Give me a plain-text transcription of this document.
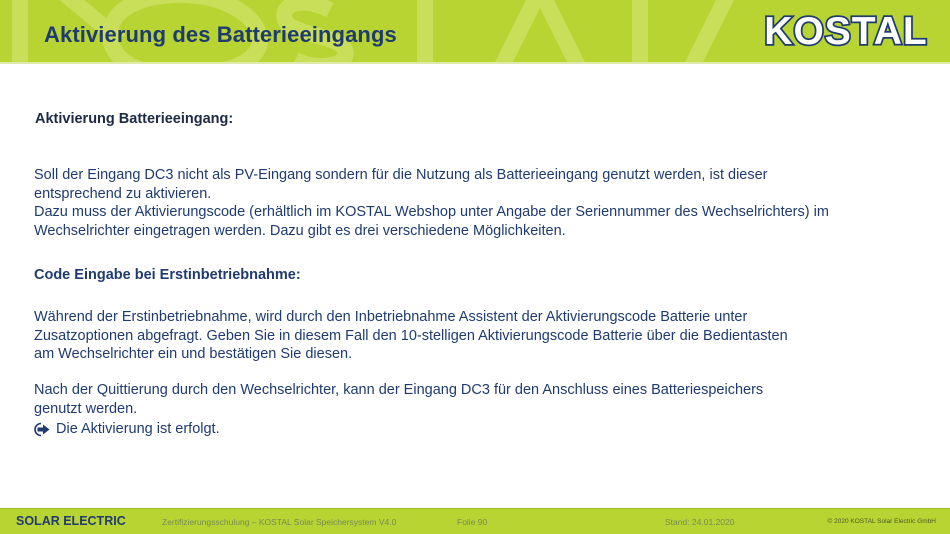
Aktivierung des Batterieeingangs	KOSTAL
Aktivierung Batterieeingang:
Soll der Eingang DC3 nicht als PV-Eingang sondern für die Nutzung als Batterieeingang genutzt werden, ist dieser
entsprechend zu aktivieren.
Dazu muss der Aktivierungscode (erhältlich im KOSTAL Webshop unter Angabe der Seriennummer des Wechselrichters) im
Wechselrichter eingetragen werden. Dazu gibt es drei verschiedene Möglichkeiten.
Code Eingabe bei Erstinbetriebnahme:
Während der Erstinbetriebnahme, wird durch den Inbetriebnahme Assistent der Aktivierungscode Batterie unter
Zusatzoptionen abgefragt. Geben Sie in diesem Fall den 10-stelligen Aktivierungscode Batterie über die Bedientasten
am Wechselrichter ein und bestätigen Sie diesen.
Nach der Quittierung durch den Wechselrichter, kann der Eingang DC3 für den Anschluss eines Batteriespeichers
genutzt werden.
Die Aktivierung ist erfolgt.
SOLAR ELECTRIC	Zertifizierungsschulung – KOSTAL Solar Speichersystem V4.0	Folie 90	Stand: 24.01.2020	© 2020 KOSTAL Solar Electric GmbH
